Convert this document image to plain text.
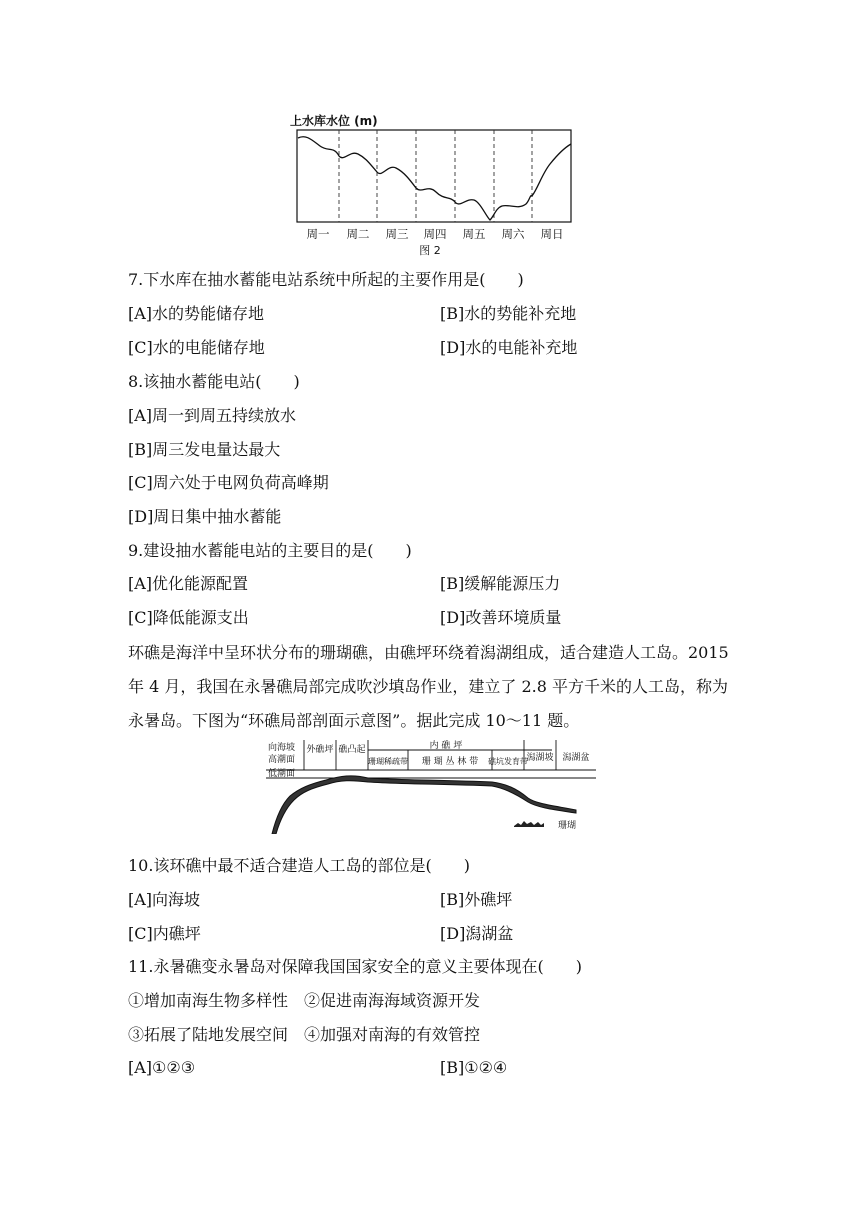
上水库水位 (m)
周一 周二 周三 周四 周五 周六 周日
图 2
7.下水库在抽水蓄能电站系统中所起的主要作用是(　　)
[A]水的势能储存地	[B]水的势能补充地
[C]水的电能储存地	[D]水的电能补充地
8.该抽水蓄能电站(　　)
[A]周一到周五持续放水
[B]周三发电量达最大
[C]周六处于电网负荷高峰期
[D]周日集中抽水蓄能
9.建设抽水蓄能电站的主要目的是(　　)
[A]优化能源配置	[B]缓解能源压力
[C]降低能源支出	[D]改善环境质量
环礁是海洋中呈环状分布的珊瑚礁，由礁坪环绕着潟湖组成，适合建造人工岛。2015 年 4 月，我国在永暑礁局部完成吹沙填岛作业，建立了 2.8 平方千米的人工岛，称为永暑岛。下图为“环礁局部剖面示意图”。据此完成 10～11 题。
向海坡
高潮面
低潮面
外礁坪 礁凸起	内 礁 坪
珊瑚稀疏带 珊 瑚 丛 林 带 礁坑发育带
潟湖坡 潟湖盆
珊瑚
10.该环礁中最不适合建造人工岛的部位是(　　)
[A]向海坡	[B]外礁坪
[C]内礁坪	[D]潟湖盆
11.永暑礁变永暑岛对保障我国国家安全的意义主要体现在(　　)
①增加南海生物多样性　②促进南海海域资源开发
③拓展了陆地发展空间　④加强对南海的有效管控
[A]①②③	[B]①②④
